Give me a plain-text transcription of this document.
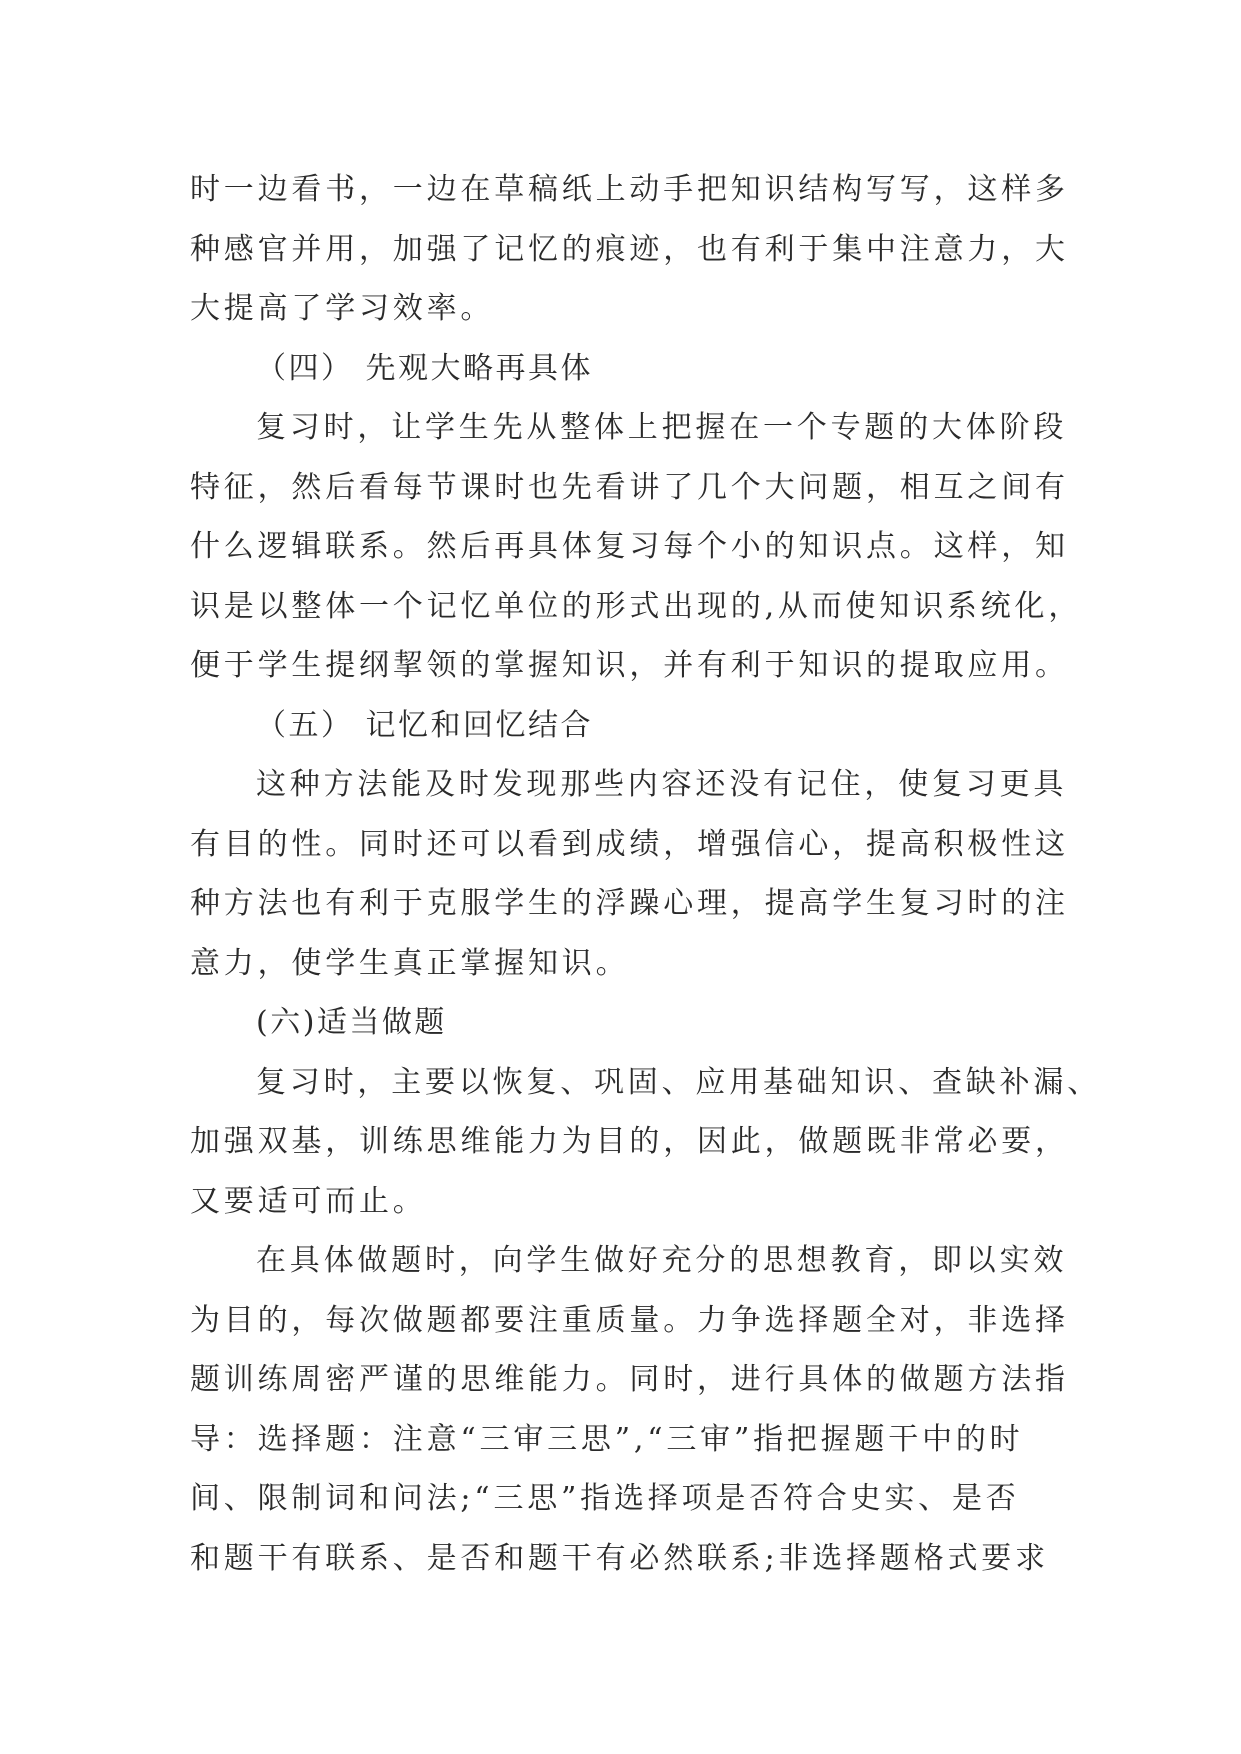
时一边看书，一边在草稿纸上动手把知识结构写写，这样多
种感官并用，加强了记忆的痕迹，也有利于集中注意力，大
大提高了学习效率。
（四） 先观大略再具体
复习时，让学生先从整体上把握在一个专题的大体阶段
特征，然后看每节课时也先看讲了几个大问题，相互之间有
什么逻辑联系。然后再具体复习每个小的知识点。这样，知
识是以整体一个记忆单位的形式出现的,从而使知识系统化，
便于学生提纲挈领的掌握知识，并有利于知识的提取应用。
（五） 记忆和回忆结合
这种方法能及时发现那些内容还没有记住，使复习更具
有目的性。同时还可以看到成绩，增强信心，提高积极性这
种方法也有利于克服学生的浮躁心理，提高学生复习时的注
意力，使学生真正掌握知识。
(六)适当做题
复习时，主要以恢复、巩固、应用基础知识、查缺补漏、
加强双基，训练思维能力为目的，因此，做题既非常必要，
又要适可而止。
在具体做题时，向学生做好充分的思想教育，即以实效
为目的，每次做题都要注重质量。力争选择题全对，非选择
题训练周密严谨的思维能力。同时，进行具体的做题方法指
导：选择题：注意“三审三思”,“三审”指把握题干中的时
间、限制词和问法;“三思”指选择项是否符合史实、是否
和题干有联系、是否和题干有必然联系;非选择题格式要求
